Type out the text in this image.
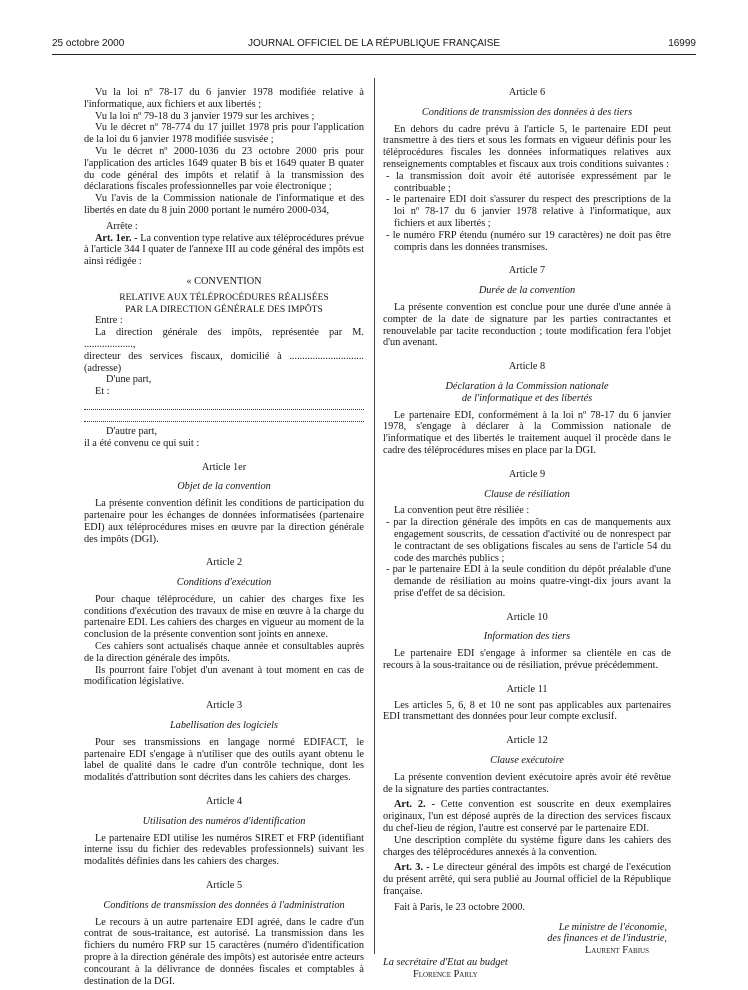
25 octobre 2000	JOURNAL OFFICIEL DE LA RÉPUBLIQUE FRANÇAISE	16999

Vu la loi nº 78-17 du 6 janvier 1978 modifiée relative à l'informatique, aux fichiers et aux libertés ;

Vu la loi nº 79-18 du 3 janvier 1979 sur les archives ;

Vu le décret nº 78-774 du 17 juillet 1978 pris pour l'application de la loi du 6 janvier 1978 modifiée susvisée ;

Vu le décret nº 2000-1036 du 23 octobre 2000 pris pour l'application des articles 1649 quater B bis et 1649 quater B quater du code général des impôts et relatif à la transmission des déclarations fiscales professionnelles par voie électronique ;

Vu l'avis de la Commission nationale de l'informatique et des libertés en date du 8 juin 2000 portant le numéro 2000-034,

Arrête :

Art. 1er. - La convention type relative aux téléprocédures prévue à l'article 344 I quater de l'annexe III au code général des impôts est ainsi rédigée :

« CONVENTION

RELATIVE AUX TÉLÉPROCÉDURES RÉALISÉES

PAR LA DIRECTION GÉNÉRALE DES IMPÔTS

Entre :

La direction générale des impôts, représentée par M. ...................,

directeur des services fiscaux, domicilié à ............................. (adresse)

D'une part,

Et :

D'autre part,

il a été convenu ce qui suit :

Article 1er

Objet de la convention

La présente convention définit les conditions de participation du partenaire pour les échanges de données informatisées (partenaire EDI) aux téléprocédures mises en œuvre par la direction générale des impôts (DGI).

Article 2

Conditions d'exécution

Pour chaque téléprocédure, un cahier des charges fixe les conditions d'exécution des travaux de mise en œuvre à la charge du partenaire EDI. Les cahiers des charges en vigueur au moment de la conclusion de la présente convention sont joints en annexe.

Ces cahiers sont actualisés chaque année et consultables auprès de la direction générale des impôts.

Ils pourront faire l'objet d'un avenant à tout moment en cas de modification législative.

Article 3

Labellisation des logiciels

Pour ses transmissions en langage normé EDIFACT, le partenaire EDI s'engage à n'utiliser que des outils ayant obtenu le label de qualité dans le cadre d'un contrôle technique, dont les modalités d'attribution sont décrites dans les cahiers des charges.

Article 4

Utilisation des numéros d'identification

Le partenaire EDI utilise les numéros SIRET et FRP (identifiant interne issu du fichier des redevables professionnels) suivant les modalités définies dans les cahiers des charges.

Article 5

Conditions de transmission des données à l'administration

Le recours à un autre partenaire EDI agréé, dans le cadre d'un contrat de sous-traitance, est autorisé. La transmission dans les fichiers du numéro FRP sur 15 caractères (numéro d'identification propre à la direction générale des impôts) est autorisée entre acteurs concourant à la délivrance de données fiscales et comptables à destination de la DGI.

Article 6

Conditions de transmission des données à des tiers

En dehors du cadre prévu à l'article 5, le partenaire EDI peut transmettre à des tiers et sous les formats en vigueur définis pour les téléprocédures fiscales les données informatiques relatives aux renseignements comptables et fiscaux aux trois conditions suivantes :

- la transmission doit avoir été autorisée expressément par le contribuable ;
- le partenaire EDI doit s'assurer du respect des prescriptions de la loi nº 78-17 du 6 janvier 1978 relative à l'informatique, aux fichiers et aux libertés ;
- le numéro FRP étendu (numéro sur 19 caractères) ne doit pas être compris dans les données transmises.

Article 7

Durée de la convention

La présente convention est conclue pour une durée d'une année à compter de la date de signature par les parties contractantes et renouvelable par tacite reconduction ; toute modification fera l'objet d'un avenant.

Article 8

Déclaration à la Commission nationale

de l'informatique et des libertés

Le partenaire EDI, conformément à la loi nº 78-17 du 6 janvier 1978, s'engage à déclarer à la Commission nationale de l'informatique et des libertés le traitement auquel il procède dans le cadre des téléprocédures mises en place par la DGI.

Article 9

Clause de résiliation

La convention peut être résiliée :

- par la direction générale des impôts en cas de manquements aux engagement souscrits, de cessation d'activité ou de nonrespect par le contractant de ses obligations fiscales au sens de l'article 54 du code des marchés publics ;
- par le partenaire EDI à la seule condition du dépôt préalable d'une demande de résiliation au moins quatre-vingt-dix jours avant la prise d'effet de sa décision.

Article 10

Information des tiers

Le partenaire EDI s'engage à informer sa clientèle en cas de recours à la sous-traitance ou de résiliation, prévue précédemment.

Article 11

Les articles 5, 6, 8 et 10 ne sont pas applicables aux partenaires EDI transmettant des données pour leur compte exclusif.

Article 12

Clause exécutoire

La présente convention devient exécutoire après avoir été revêtue de la signature des parties contractantes.

Art. 2. - Cette convention est souscrite en deux exemplaires originaux, l'un est déposé auprès de la direction des services fiscaux du chef-lieu de région, l'autre est conservé par le partenaire EDI.

Une description complète du système figure dans les cahiers des charges des téléprocédures annexés à la convention.

Art. 3. - Le directeur général des impôts est chargé de l'exécution du présent arrêté, qui sera publié au Journal officiel de la République française.

Fait à Paris, le 23 octobre 2000.

Le ministre de l'économie,

des finances et de l'industrie,

Laurent Fabius

La secrétaire d'Etat au budget

Florence Parly
